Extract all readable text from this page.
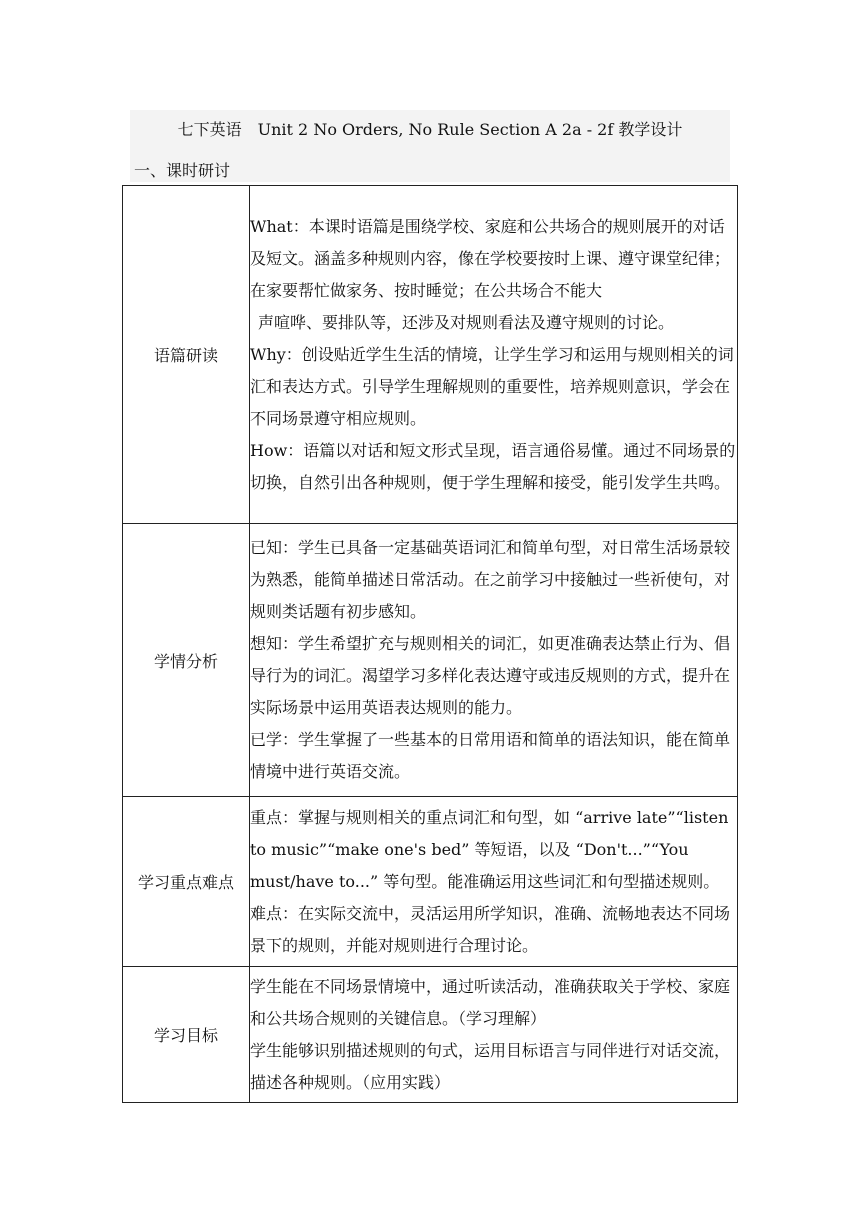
七下英语　Unit 2 No Orders, No Rule Section A 2a - 2f 教学设计
一、课时研讨
语篇研读	What：本课时语篇是围绕学校、家庭和公共场合的规则展开的对话及短文。涵盖多种规则内容，像在学校要按时上课、遵守课堂纪律；在家要帮忙做家务、按时睡觉；在公共场合不能大
声喧哗、要排队等，还涉及对规则看法及遵守规则的讨论。
Why：创设贴近学生生活的情境，让学生学习和运用与规则相关的词汇和表达方式。引导学生理解规则的重要性，培养规则意识，学会在不同场景遵守相应规则。
How：语篇以对话和短文形式呈现，语言通俗易懂。通过不同场景的切换，自然引出各种规则，便于学生理解和接受，能引发学生共鸣。

学情分析	已知：学生已具备一定基础英语词汇和简单句型，对日常生活场景较为熟悉，能简单描述日常活动。在之前学习中接触过一些祈使句，对规则类话题有初步感知。
想知：学生希望扩充与规则相关的词汇，如更准确表达禁止行为、倡导行为的词汇。渴望学习多样化表达遵守或违反规则的方式，提升在实际场景中运用英语表达规则的能力。
已学：学生掌握了一些基本的日常用语和简单的语法知识，能在简单情境中进行英语交流。

学习重点难点	重点：掌握与规则相关的重点词汇和句型，如 “arrive late”“listen to music”“make one's bed” 等短语，以及 “Don't...”“You must/have to...” 等句型。能准确运用这些词汇和句型描述规则。
难点：在实际交流中，灵活运用所学知识，准确、流畅地表达不同场景下的规则，并能对规则进行合理讨论。

学习目标	学生能在不同场景情境中，通过听读活动，准确获取关于学校、家庭和公共场合规则的关键信息。（学习理解）
学生能够识别描述规则的句式，运用目标语言与同伴进行对话交流，描述各种规则。（应用实践）
